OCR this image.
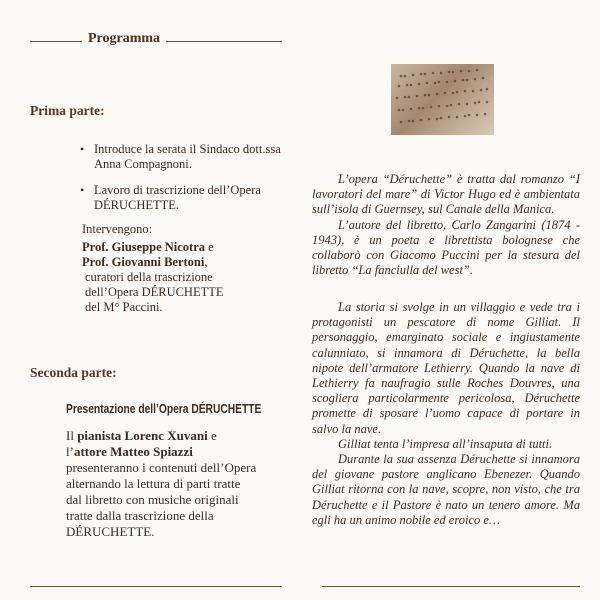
Programma
Prima parte:
• Introduce la serata il Sindaco dott.ssa Anna Compagnoni.
• Lavoro di trascrizione dell’Opera DÉRUCHETTE.
Intervengono:
Prof. Giuseppe Nicotra e
Prof. Giovanni Bertoni,
curatori della trascrizione
dell’Opera DÉRUCHETTE
del M° Paccini.
Seconda parte:
Presentazione dell’Opera DÉRUCHETTE
Il pianista Lorenc Xuvani e
l’attore Matteo Spiazzi
presenteranno i contenuti dell’Opera
alternando la lettura di parti tratte
dal libretto con musiche originali
tratte dalla trascrizione della
DÉRUCHETTE.

L’opera “Déruchette” è tratta dal romanzo “I lavoratori del mare” di Victor Hugo ed è ambientata sull’isola di Guernsey, sul Canale della Manica.

L’autore del libretto, Carlo Zangarini (1874 - 1943), è un poeta e librettista bolognese che collaborò con Giacomo Puccini per la stesura del libretto “La fanciulla del west”.

La storia si svolge in un villaggio e vede tra i protagonisti un pescatore di nome Gilliat. Il personaggio, emarginato sociale e ingiustamente calunniato, si innamora di Déruchette, la bella nipote dell’armatore Lethierry. Quando la nave di Lethierry fa naufragio sulle Roches Douvres, una scogliera particolarmente pericolosa, Déruchette promette di sposare l’uomo capace di portare in salvo la nave.

Gilliat tenta l’impresa all’insaputa di tutti.

Durante la sua assenza Déruchette si innamora del giovane pastore anglicano Ebenezer. Quando Gilliat ritorna con la nave, scopre, non visto, che tra Déruchette e il Pastore è nato un tenero amore. Ma egli ha un animo nobile ed eroico e…
